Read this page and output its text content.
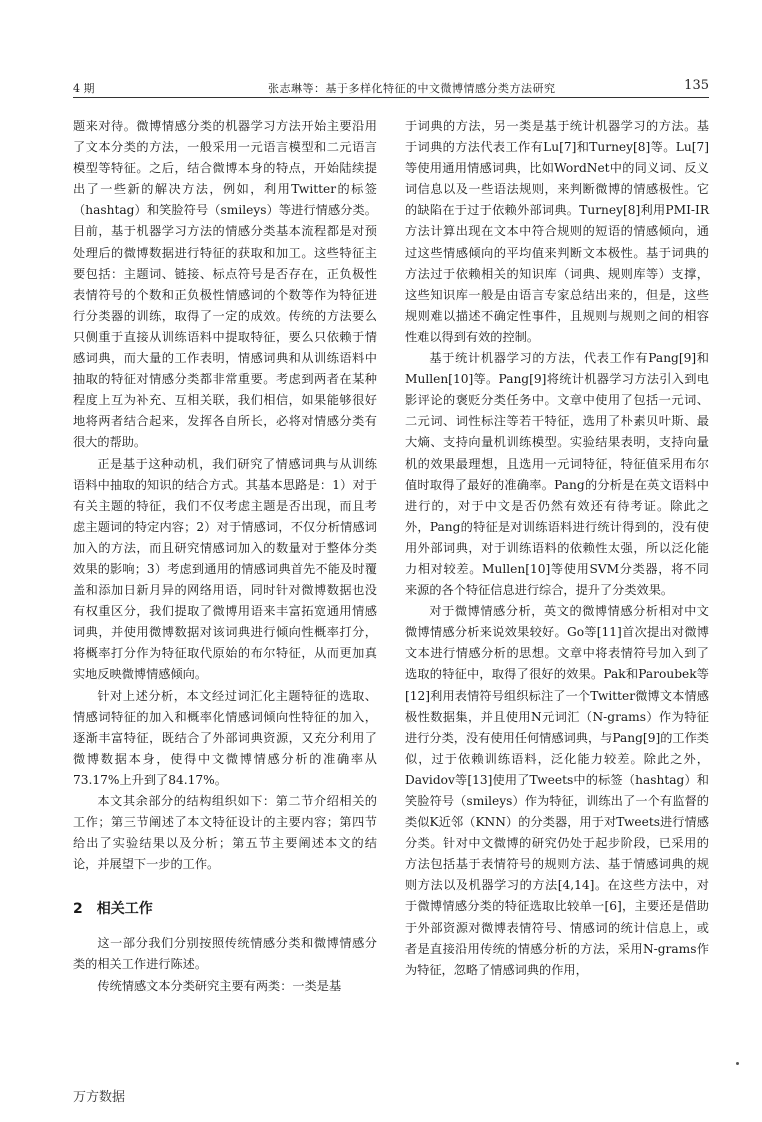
4 期	张志琳等：基于多样化特征的中文微博情感分类方法研究	135

题来对待。微博情感分类的机器学习方法开始主要沿用了文本分类的方法，一般采用一元语言模型和二元语言模型等特征。之后，结合微博本身的特点，开始陆续提出了一些新的解决方法，例如，利用Twitter的标签（hashtag）和笑脸符号（smileys）等进行情感分类。目前，基于机器学习方法的情感分类基本流程都是对预处理后的微博数据进行特征的获取和加工。这些特征主要包括：主题词、链接、标点符号是否存在，正负极性表情符号的个数和正负极性情感词的个数等作为特征进行分类器的训练，取得了一定的成效。传统的方法要么只侧重于直接从训练语料中提取特征，要么只依赖于情感词典，而大量的工作表明，情感词典和从训练语料中抽取的特征对情感分类都非常重要。考虑到两者在某种程度上互为补充、互相关联，我们相信，如果能够很好地将两者结合起来，发挥各自所长，必将对情感分类有很大的帮助。

正是基于这种动机，我们研究了情感词典与从训练语料中抽取的知识的结合方式。其基本思路是：1）对于有关主题的特征，我们不仅考虑主题是否出现，而且考虑主题词的特定内容；2）对于情感词，不仅分析情感词加入的方法，而且研究情感词加入的数量对于整体分类效果的影响；3）考虑到通用的情感词典首先不能及时覆盖和添加日新月异的网络用语，同时针对微博数据也没有权重区分，我们提取了微博用语来丰富拓宽通用情感词典，并使用微博数据对该词典进行倾向性概率打分，将概率打分作为特征取代原始的布尔特征，从而更加真实地反映微博情感倾向。

针对上述分析，本文经过词汇化主题特征的选取、情感词特征的加入和概率化情感词倾向性特征的加入，逐渐丰富特征，既结合了外部词典资源，又充分利用了微博数据本身，使得中文微博情感分析的准确率从73.17%上升到了84.17%。

本文其余部分的结构组织如下：第二节介绍相关的工作；第三节阐述了本文特征设计的主要内容；第四节给出了实验结果以及分析；第五节主要阐述本文的结论，并展望下一步的工作。

2 相关工作

这一部分我们分别按照传统情感分类和微博情感分类的相关工作进行陈述。

传统情感文本分类研究主要有两类：一类是基

于词典的方法，另一类是基于统计机器学习的方法。基于词典的方法代表工作有Lu[7]和Turney[8]等。Lu[7]等使用通用情感词典，比如WordNet中的同义词、反义词信息以及一些语法规则，来判断微博的情感极性。它的缺陷在于过于依赖外部词典。Turney[8]利用PMI-IR方法计算出现在文本中符合规则的短语的情感倾向，通过这些情感倾向的平均值来判断文本极性。基于词典的方法过于依赖相关的知识库（词典、规则库等）支撑，这些知识库一般是由语言专家总结出来的，但是，这些规则难以描述不确定性事件，且规则与规则之间的相容性难以得到有效的控制。

基于统计机器学习的方法，代表工作有Pang[9]和Mullen[10]等。Pang[9]将统计机器学习方法引入到电影评论的褒贬分类任务中。文章中使用了包括一元词、二元词、词性标注等若干特征，选用了朴素贝叶斯、最大熵、支持向量机训练模型。实验结果表明，支持向量机的效果最理想，且选用一元词特征，特征值采用布尔值时取得了最好的准确率。Pang的分析是在英文语料中进行的，对于中文是否仍然有效还有待考证。除此之外，Pang的特征是对训练语料进行统计得到的，没有使用外部词典，对于训练语料的依赖性太强，所以泛化能力相对较差。Mullen[10]等使用SVM分类器，将不同来源的各个特征信息进行综合，提升了分类效果。

对于微博情感分析，英文的微博情感分析相对中文微博情感分析来说效果较好。Go等[11]首次提出对微博文本进行情感分析的思想。文章中将表情符号加入到了选取的特征中，取得了很好的效果。Pak和Paroubek等[12]利用表情符号组织标注了一个Twitter微博文本情感极性数据集，并且使用N元词汇（N-grams）作为特征进行分类，没有使用任何情感词典，与Pang[9]的工作类似，过于依赖训练语料，泛化能力较差。除此之外，Davidov等[13]使用了Tweets中的标签（hashtag）和笑脸符号（smileys）作为特征，训练出了一个有监督的类似K近邻（KNN）的分类器，用于对Tweets进行情感分类。针对中文微博的研究仍处于起步阶段，已采用的方法包括基于表情符号的规则方法、基于情感词典的规则方法以及机器学习的方法[4,14]。在这些方法中，对于微博情感分类的特征选取比较单一[6]，主要还是借助于外部资源对微博表情符号、情感词的统计信息上，或者是直接沿用传统的情感分析的方法，采用N-grams作为特征，忽略了情感词典的作用，

万方数据
